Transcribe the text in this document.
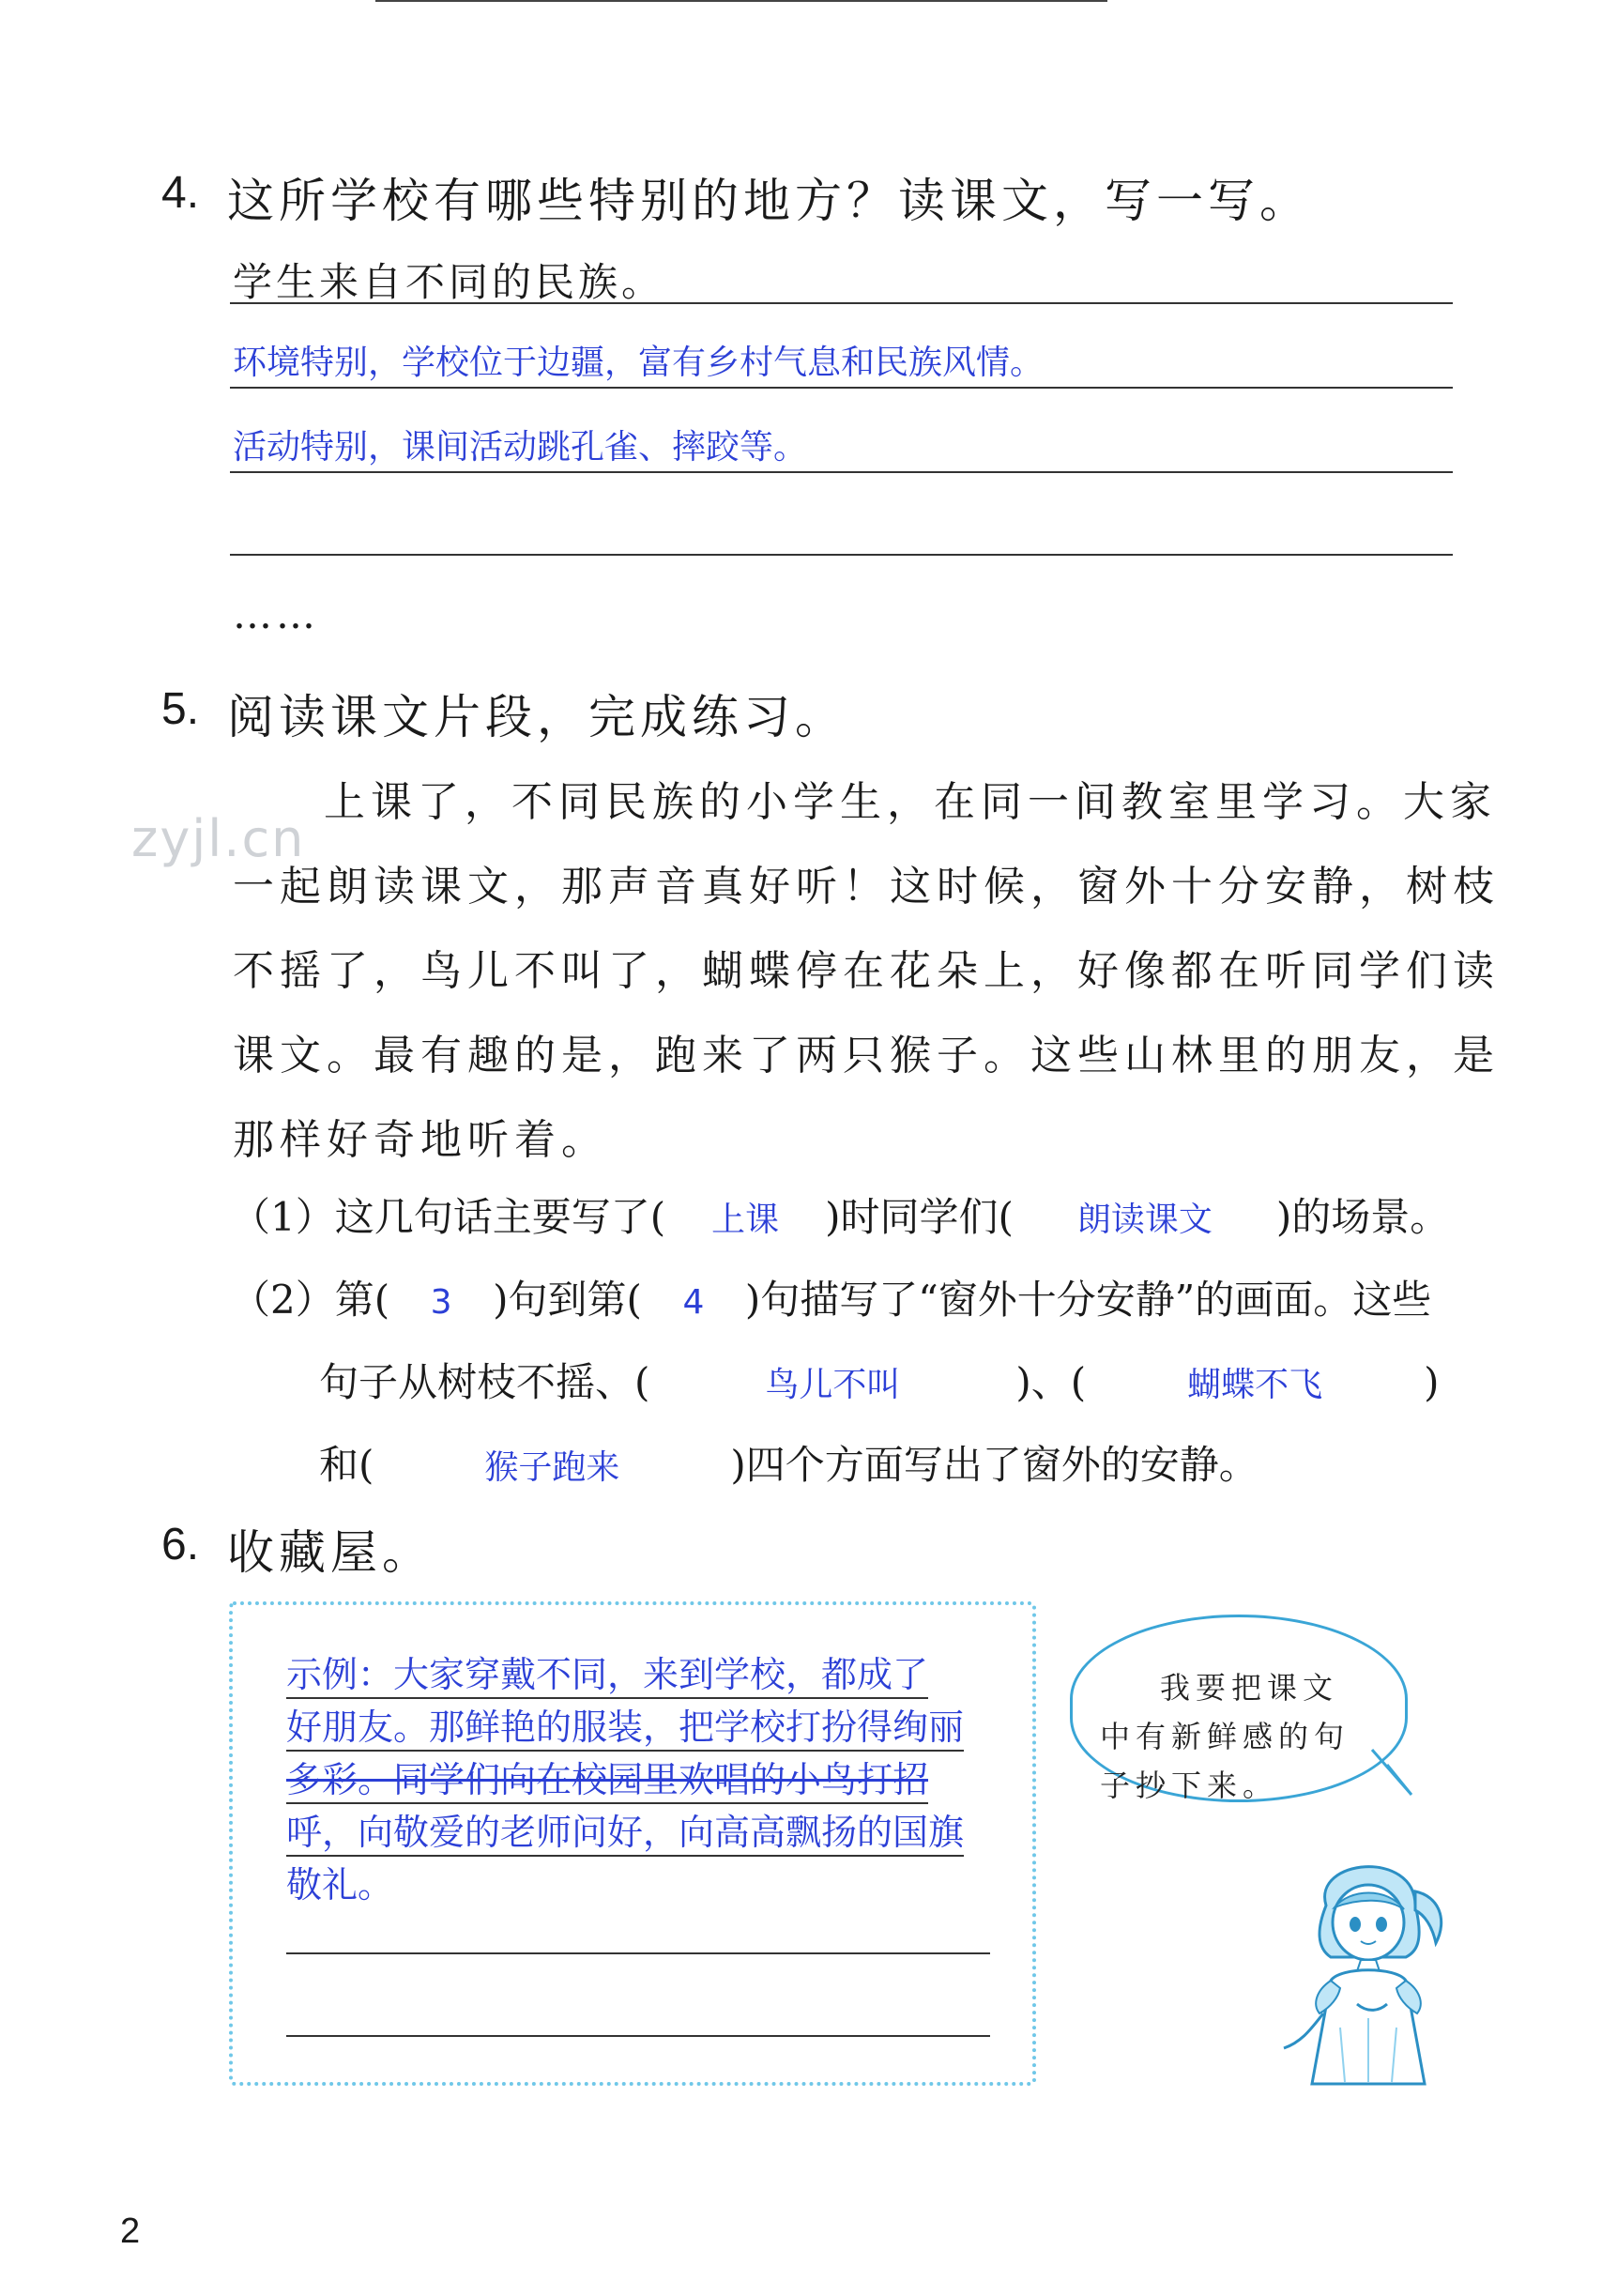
4. 这所学校有哪些特别的地方？读课文，写一写。
学生来自不同的民族。
环境特别，学校位于边疆，富有乡村气息和民族风情。
活动特别，课间活动跳孔雀、摔跤等。
……
5. 阅读课文片段，完成练习。
zyjl.cn
上课了，不同民族的小学生，在同一间教室里学习。大家
一起朗读课文，那声音真好听！这时候，窗外十分安静，树枝
不摇了，鸟儿不叫了，蝴蝶停在花朵上，好像都在听同学们读
课文。最有趣的是，跑来了两只猴子。这些山林里的朋友，是
那样好奇地听着。
（1）这几句话主要写了( 上课 )时同学们( 朗读课文 )的场景。
（2）第( 3 )句到第( 4 )句描写了“窗外十分安静”的画面。这些
句子从树枝不摇、(	鸟儿不叫	)、(	蝴蝶不飞	)
和(	猴子跑来	)四个方面写出了窗外的安静。
6. 收藏屋。
示例：大家穿戴不同，来到学校，都成了
好朋友。那鲜艳的服装，把学校打扮得绚丽
多彩。同学们向在校园里欢唱的小鸟打招
呼，向敬爱的老师问好，向高高飘扬的国旗
敬礼。
我要把课文
中有新鲜感的句
子抄下来。
2
